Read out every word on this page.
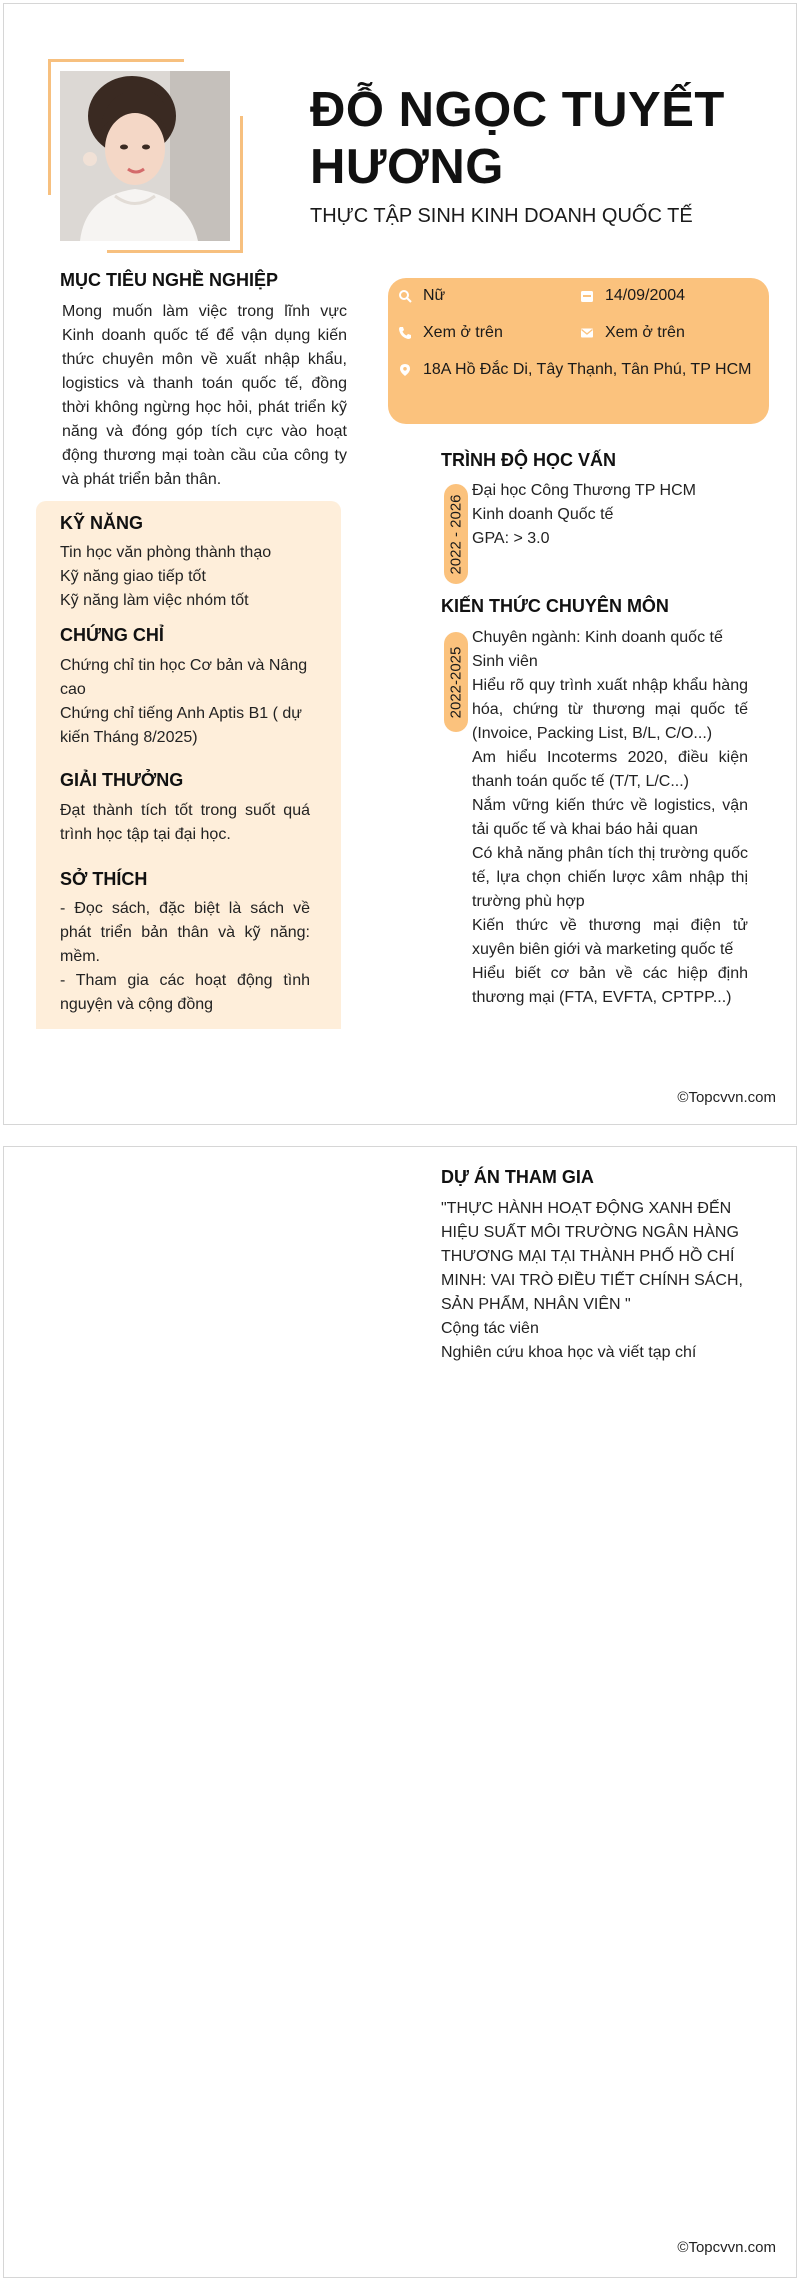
ĐỖ NGỌC TUYẾT HƯƠNG
THỰC TẬP SINH KINH DOANH QUỐC TẾ
MỤC TIÊU NGHỀ NGHIỆP
Mong muốn làm việc trong lĩnh vực Kinh doanh quốc tế để vận dụng kiến thức chuyên môn về xuất nhập khẩu, logistics và thanh toán quốc tế, đồng thời không ngừng học hỏi, phát triển kỹ năng và đóng góp tích cực vào hoạt động thương mại toàn cầu của công ty và phát triển bản thân.
Nữ	14/09/2004
Xem ở trên	Xem ở trên
18A Hồ Đắc Di, Tây Thạnh, Tân Phú, TP HCM
KỸ NĂNG
Tin học văn phòng thành thạo
Kỹ năng giao tiếp tốt
Kỹ năng làm việc nhóm tốt
CHỨNG CHỈ
Chứng chỉ tin học Cơ bản và Nâng cao
Chứng chỉ tiếng Anh Aptis B1 ( dự kiến Tháng 8/2025)
GIẢI THƯỞNG
Đạt thành tích tốt trong suốt quá trình học tập tại đại học.
SỞ THÍCH
- Đọc sách, đặc biệt là sách về phát triển bản thân và kỹ năng: mềm.
- Tham gia các hoạt động tình nguyện và cộng đồng
TRÌNH ĐỘ HỌC VẤN
2022 - 2026
Đại học Công Thương TP HCM
Kinh doanh Quốc tế
GPA: > 3.0
KIẾN THỨC CHUYÊN MÔN
2022-2025
Chuyên ngành: Kinh doanh quốc tế
Sinh viên
Hiểu rõ quy trình xuất nhập khẩu hàng hóa, chứng từ thương mại quốc tế (Invoice, Packing List, B/L, C/O...)
Am hiểu Incoterms 2020, điều kiện thanh toán quốc tế (T/T, L/C...)
Nắm vững kiến thức về logistics, vận tải quốc tế và khai báo hải quan
Có khả năng phân tích thị trường quốc tế, lựa chọn chiến lược xâm nhập thị trường phù hợp
Kiến thức về thương mại điện tử xuyên biên giới và marketing quốc tế
Hiểu biết cơ bản về các hiệp định thương mại (FTA, EVFTA, CPTPP...)
©Topcvvn.com
DỰ ÁN THAM GIA
"THỰC HÀNH HOẠT ĐỘNG XANH ĐẾN HIỆU SUẤT MÔI TRƯỜNG NGÂN HÀNG THƯƠNG MẠI TẠI THÀNH PHỐ HỒ CHÍ MINH: VAI TRÒ ĐIỀU TIẾT CHÍNH SÁCH, SẢN PHẨM, NHÂN VIÊN "
Cộng tác viên
Nghiên cứu khoa học và viết tạp chí
©Topcvvn.com
